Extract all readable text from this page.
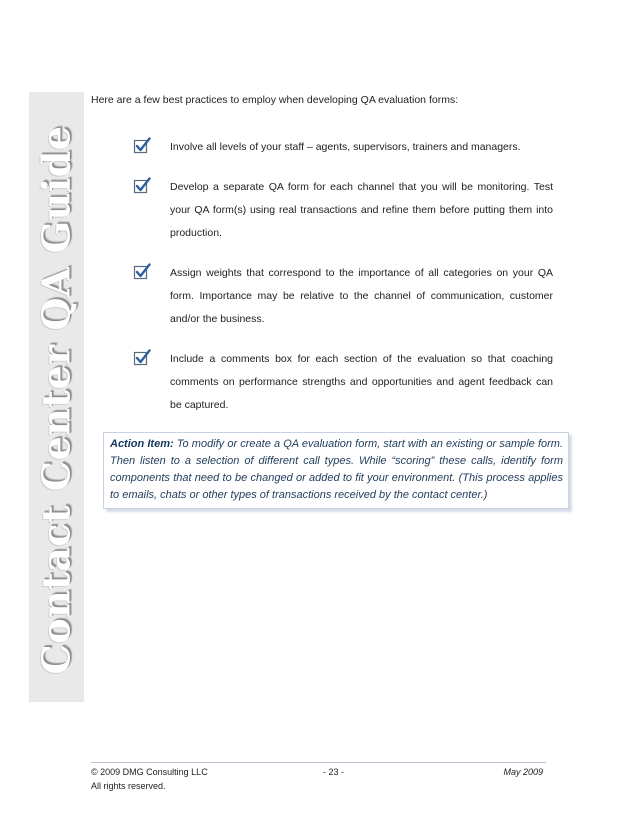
Contact Center QA Guide
Here are a few best practices to employ when developing QA evaluation forms:
Involve all levels of your staff – agents, supervisors, trainers and managers.
Develop a separate QA form for each channel that you will be monitoring. Test your QA form(s) using real transactions and refine them before putting them into production.
Assign weights that correspond to the importance of all categories on your QA form. Importance may be relative to the channel of communication, customer and/or the business.
Include a comments box for each section of the evaluation so that coaching comments on performance strengths and opportunities and agent feedback can be captured.
Action Item: To modify or create a QA evaluation form, start with an existing or sample form. Then listen to a selection of different call types. While “scoring” these calls, identify form components that need to be changed or added to fit your environment. (This process applies to emails, chats or other types of transactions received by the contact center.)
© 2009 DMG Consulting LLC	- 23 -	May 2009
All rights reserved.
